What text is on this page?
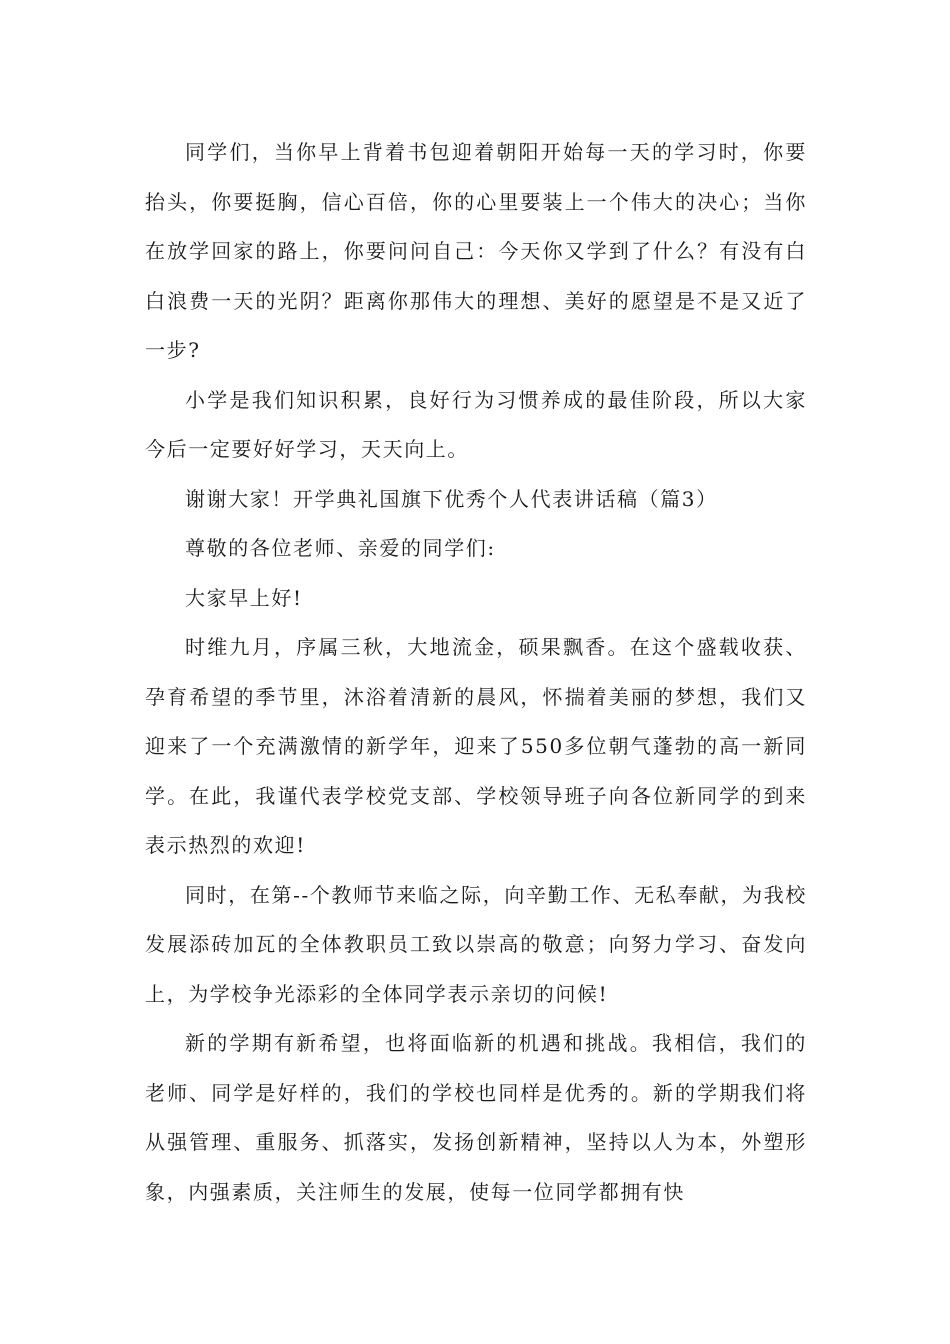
同学们，当你早上背着书包迎着朝阳开始每一天的学习时，你要抬头，你要挺胸，信心百倍，你的心里要装上一个伟大的决心；当你在放学回家的路上，你要问问自己：今天你又学到了什么？有没有白白浪费一天的光阴？距离你那伟大的理想、美好的愿望是不是又近了一步?

小学是我们知识积累，良好行为习惯养成的最佳阶段，所以大家今后一定要好好学习，天天向上。

谢谢大家！开学典礼国旗下优秀个人代表讲话稿（篇3）

尊敬的各位老师、亲爱的同学们:

大家早上好!

时维九月，序属三秋，大地流金，硕果飘香。在这个盛载收获、孕育希望的季节里，沐浴着清新的晨风，怀揣着美丽的梦想，我们又迎来了一个充满激情的新学年，迎来了550多位朝气蓬勃的高一新同学。在此，我谨代表学校党支部、学校领导班子向各位新同学的到来表示热烈的欢迎!

同时，在第--个教师节来临之际，向辛勤工作、无私奉献，为我校发展添砖加瓦的全体教职员工致以崇高的敬意；向努力学习、奋发向上，为学校争光添彩的全体同学表示亲切的问候!

新的学期有新希望，也将面临新的机遇和挑战。我相信，我们的老师、同学是好样的，我们的学校也同样是优秀的。新的学期我们将从强管理、重服务、抓落实，发扬创新精神，坚持以人为本，外塑形象，内强素质，关注师生的发展，使每一位同学都拥有快
